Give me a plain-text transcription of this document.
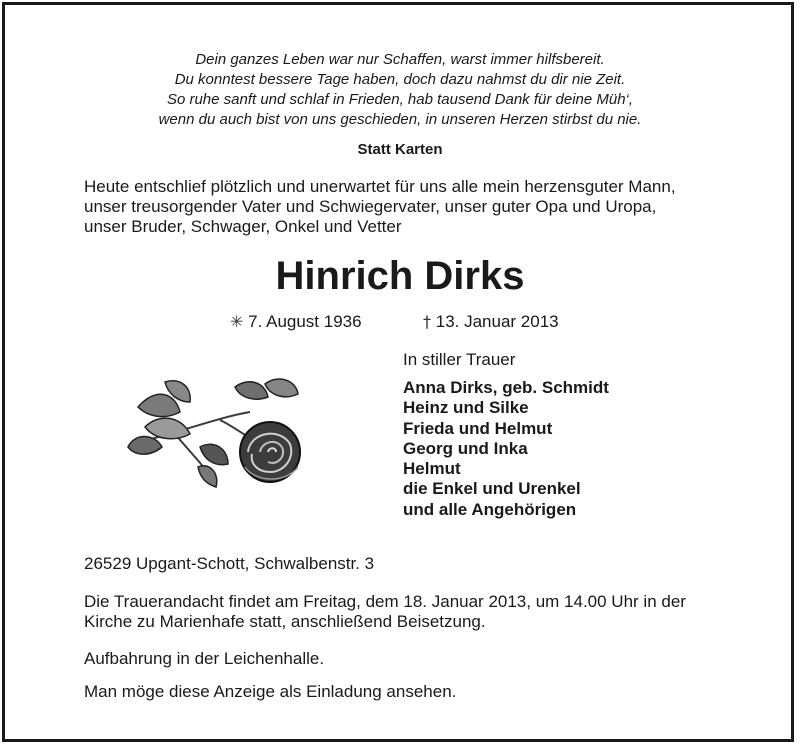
Dein ganzes Leben war nur Schaffen, warst immer hilfsbereit.
Du konntest bessere Tage haben, doch dazu nahmst du dir nie Zeit.
So ruhe sanft und schlaf in Frieden, hab tausend Dank für deine Müh‘,
wenn du auch bist von uns geschieden, in unseren Herzen stirbst du nie.
Statt Karten
Heute entschlief plötzlich und unerwartet für uns alle mein herzensguter Mann,
unser treusorgender Vater und Schwiegervater, unser guter Opa und Uropa,
unser Bruder, Schwager, Onkel und Vetter
Hinrich Dirks
✳ 7. August 1936	† 13. Januar 2013
In stiller Trauer
Anna Dirks, geb. Schmidt
Heinz und Silke
Frieda und Helmut
Georg und Inka
Helmut
die Enkel und Urenkel
und alle Angehörigen
26529 Upgant-Schott, Schwalbenstr. 3
Die Trauerandacht findet am Freitag, dem 18. Januar 2013, um 14.00 Uhr in der
Kirche zu Marienhafe statt, anschließend Beisetzung.
Aufbahrung in der Leichenhalle.
Man möge diese Anzeige als Einladung ansehen.
